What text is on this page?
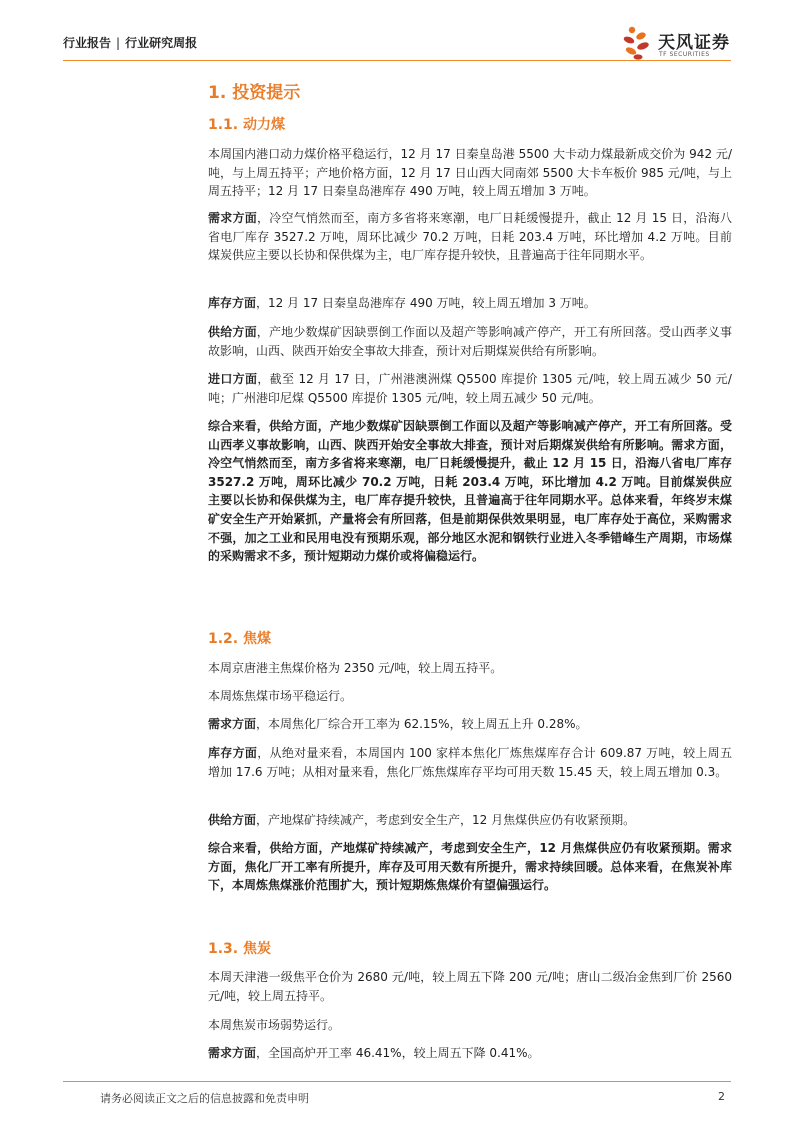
行业报告 | 行业研究周报	天风证券
TF SECURITIES
1. 投资提示
1.1. 动力煤
本周国内港口动力煤价格平稳运行，12 月 17 日秦皇岛港 5500 大卡动力煤最新成交价为 942 元/吨，与上周五持平；产地价格方面，12 月 17 日山西大同南郊 5500 大卡车板价 985 元/吨，与上周五持平；12 月 17 日秦皇岛港库存 490 万吨，较上周五增加 3 万吨。
需求方面，冷空气悄然而至，南方多省将来寒潮，电厂日耗缓慢提升，截止 12 月 15 日，沿海八省电厂库存 3527.2 万吨，周环比减少 70.2 万吨，日耗 203.4 万吨，环比增加 4.2 万吨。目前煤炭供应主要以长协和保供煤为主，电厂库存提升较快，且普遍高于往年同期水平。
库存方面，12 月 17 日秦皇岛港库存 490 万吨，较上周五增加 3 万吨。
供给方面，产地少数煤矿因缺票倒工作面以及超产等影响减产停产，开工有所回落。受山西孝义事故影响，山西、陕西开始安全事故大排查，预计对后期煤炭供给有所影响。
进口方面，截至 12 月 17 日，广州港澳洲煤 Q5500 库提价 1305 元/吨，较上周五减少 50 元/吨；广州港印尼煤 Q5500 库提价 1305 元/吨，较上周五减少 50 元/吨。
综合来看，供给方面，产地少数煤矿因缺票倒工作面以及超产等影响减产停产，开工有所回落。受山西孝义事故影响，山西、陕西开始安全事故大排查，预计对后期煤炭供给有所影响。需求方面，冷空气悄然而至，南方多省将来寒潮，电厂日耗缓慢提升，截止 12 月 15 日，沿海八省电厂库存 3527.2 万吨，周环比减少 70.2 万吨，日耗 203.4 万吨，环比增加 4.2 万吨。目前煤炭供应主要以长协和保供煤为主，电厂库存提升较快，且普遍高于往年同期水平。总体来看，年终岁末煤矿安全生产开始紧抓，产量将会有所回落，但是前期保供效果明显，电厂库存处于高位，采购需求不强，加之工业和民用电没有预期乐观，部分地区水泥和钢铁行业进入冬季错峰生产周期，市场煤的采购需求不多，预计短期动力煤价或将偏稳运行。
1.2. 焦煤
本周京唐港主焦煤价格为 2350 元/吨，较上周五持平。
本周炼焦煤市场平稳运行。
需求方面，本周焦化厂综合开工率为 62.15%，较上周五上升 0.28%。
库存方面，从绝对量来看，本周国内 100 家样本焦化厂炼焦煤库存合计 609.87 万吨，较上周五增加 17.6 万吨；从相对量来看，焦化厂炼焦煤库存平均可用天数 15.45 天，较上周五增加 0.3。
供给方面，产地煤矿持续减产，考虑到安全生产，12 月焦煤供应仍有收紧预期。
综合来看，供给方面，产地煤矿持续减产，考虑到安全生产，12 月焦煤供应仍有收紧预期。需求方面，焦化厂开工率有所提升，库存及可用天数有所提升，需求持续回暖。总体来看，在焦炭补库下，本周炼焦煤涨价范围扩大，预计短期炼焦煤价有望偏强运行。
1.3. 焦炭
本周天津港一级焦平仓价为 2680 元/吨，较上周五下降 200 元/吨；唐山二级冶金焦到厂价 2560 元/吨，较上周五持平。
本周焦炭市场弱势运行。
需求方面，全国高炉开工率 46.41%，较上周五下降 0.41%。
请务必阅读正文之后的信息披露和免责申明	2
